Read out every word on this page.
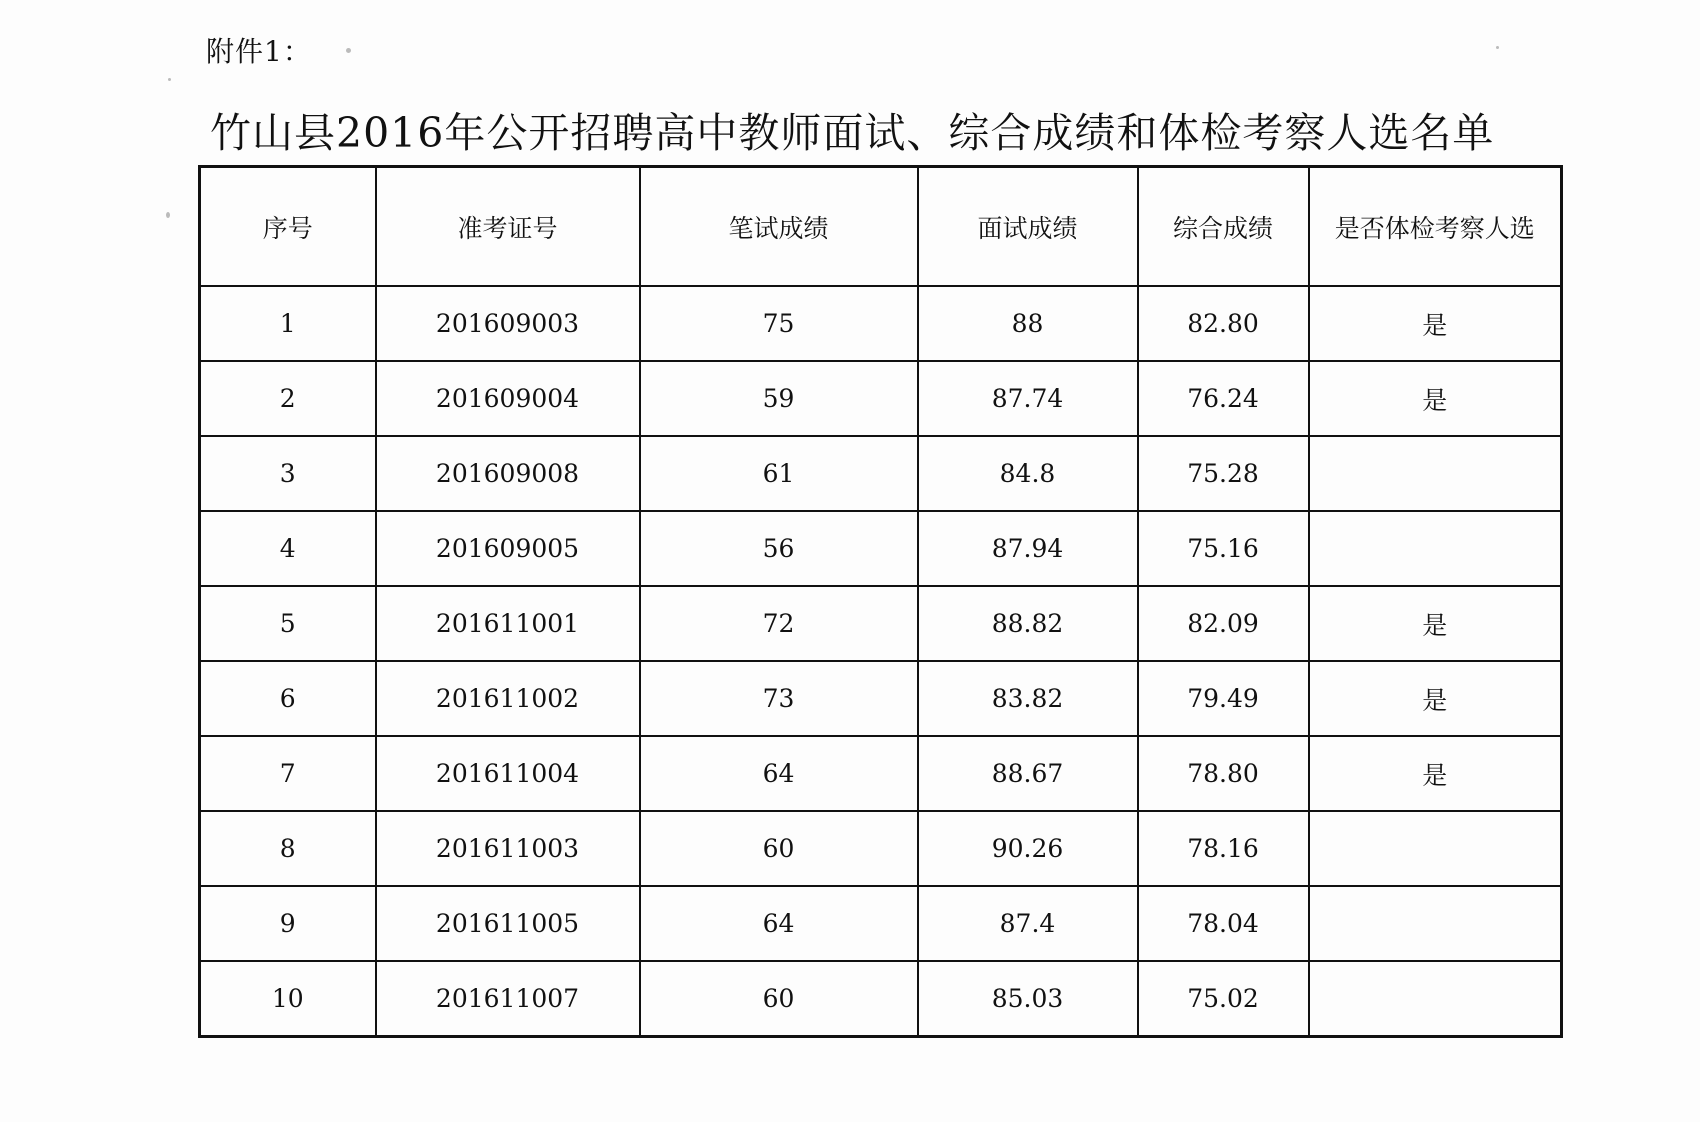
附件1：
竹山县2016年公开招聘高中教师面试、综合成绩和体检考察人选名单
序号	准考证号	笔试成绩	面试成绩	综合成绩	是否体检考察人选
1	201609003	75	88	82.80	是
2	201609004	59	87.74	76.24	是
3	201609008	61	84.8	75.28	
4	201609005	56	87.94	75.16	
5	201611001	72	88.82	82.09	是
6	201611002	73	83.82	79.49	是
7	201611004	64	88.67	78.80	是
8	201611003	60	90.26	78.16	
9	201611005	64	87.4	78.04	
10	201611007	60	85.03	75.02	
